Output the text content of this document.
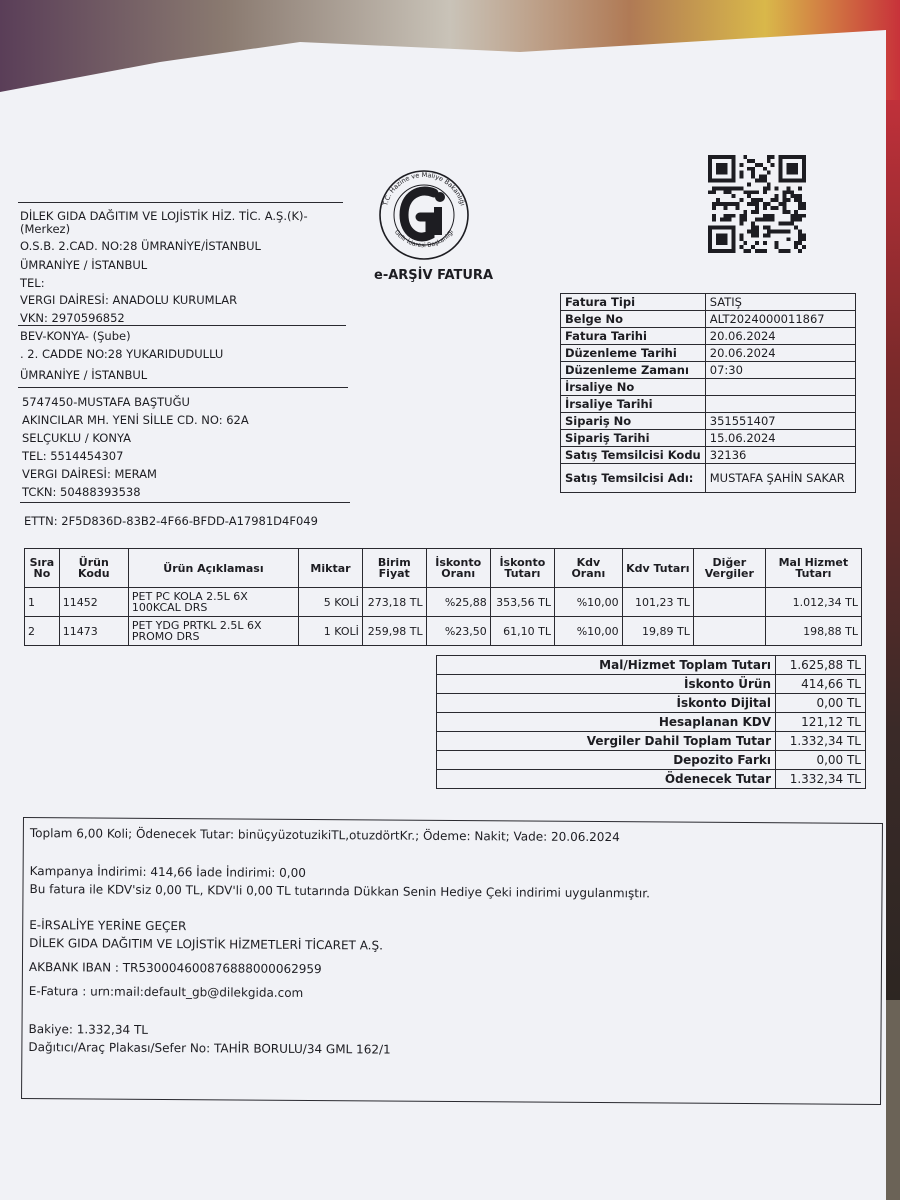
DİLEK GIDA DAĞITIM VE LOJİSTİK HİZ. TİC. A.Ş.(K)-
(Merkez)
O.S.B. 2.CAD. NO:28 ÜMRANİYE/İSTANBUL
ÜMRANİYE / İSTANBUL
TEL:
VERGI DAİRESİ: ANADOLU KURUMLAR
VKN: 2970596852
BEV-KONYA- (Şube)
. 2. CADDE NO:28 YUKARIDUDULLU
ÜMRANİYE / İSTANBUL
5747450-MUSTAFA BAŞTUĞU
AKINCILAR MH. YENİ SİLLE CD. NO: 62A
SELÇUKLU / KONYA
TEL: 5514454307
VERGI DAİRESİ: MERAM
TCKN: 50488393538
ETTN: 2F5D836D-83B2-4F66-BFDD-A17981D4F049
T.C. Hazine ve Maliye Bakanlığı
Gelir İdaresi Başkanlığı
e-ARŞİV FATURA
Fatura Tipi	SATIŞ
Belge No	ALT2024000011867
Fatura Tarihi	20.06.2024
Düzenleme Tarihi	20.06.2024
Düzenleme Zamanı	07:30
İrsaliye No	
İrsaliye Tarihi	
Sipariş No	351551407
Sipariş Tarihi	15.06.2024
Satış Temsilcisi Kodu	32136
Satış Temsilcisi Adı:	MUSTAFA ŞAHİN SAKAR
Sıra No	Ürün Kodu	Ürün Açıklaması	Miktar	Birim Fiyat	İskonto Oranı	İskonto Tutarı	Kdv Oranı	Kdv Tutarı	Diğer Vergiler	Mal Hizmet Tutarı
1	11452	PET PC KOLA 2.5L 6X 100KCAL DRS	5 KOLİ	273,18 TL	%25,88	353,56 TL	%10,00	101,23 TL		1.012,34 TL
2	11473	PET YDG PRTKL 2.5L 6X PROMO DRS	1 KOLİ	259,98 TL	%23,50	61,10 TL	%10,00	19,89 TL		198,88 TL
Mal/Hizmet Toplam Tutarı	1.625,88 TL
İskonto Ürün	414,66 TL
İskonto Dijital	0,00 TL
Hesaplanan KDV	121,12 TL
Vergiler Dahil Toplam Tutar	1.332,34 TL
Depozito Farkı	0,00 TL
Ödenecek Tutar	1.332,34 TL
Toplam 6,00 Koli; Ödenecek Tutar: binüçyüzotuzikiTL,otuzdörtKr.; Ödeme: Nakit; Vade: 20.06.2024
Kampanya İndirimi: 414,66 İade İndirimi: 0,00
Bu fatura ile KDV'siz 0,00 TL, KDV'li 0,00 TL tutarında Dükkan Senin Hediye Çeki indirimi uygulanmıştır.
E-İRSALİYE YERİNE GEÇER
DİLEK GIDA DAĞITIM VE LOJİSTİK HİZMETLERİ TİCARET A.Ş.
AKBANK IBAN : TR530004600876888000062959
E-Fatura : urn:mail:default_gb@dilekgida.com
Bakiye: 1.332,34 TL
Dağıtıcı/Araç Plakası/Sefer No: TAHİR BORULU/34 GML 162/1
